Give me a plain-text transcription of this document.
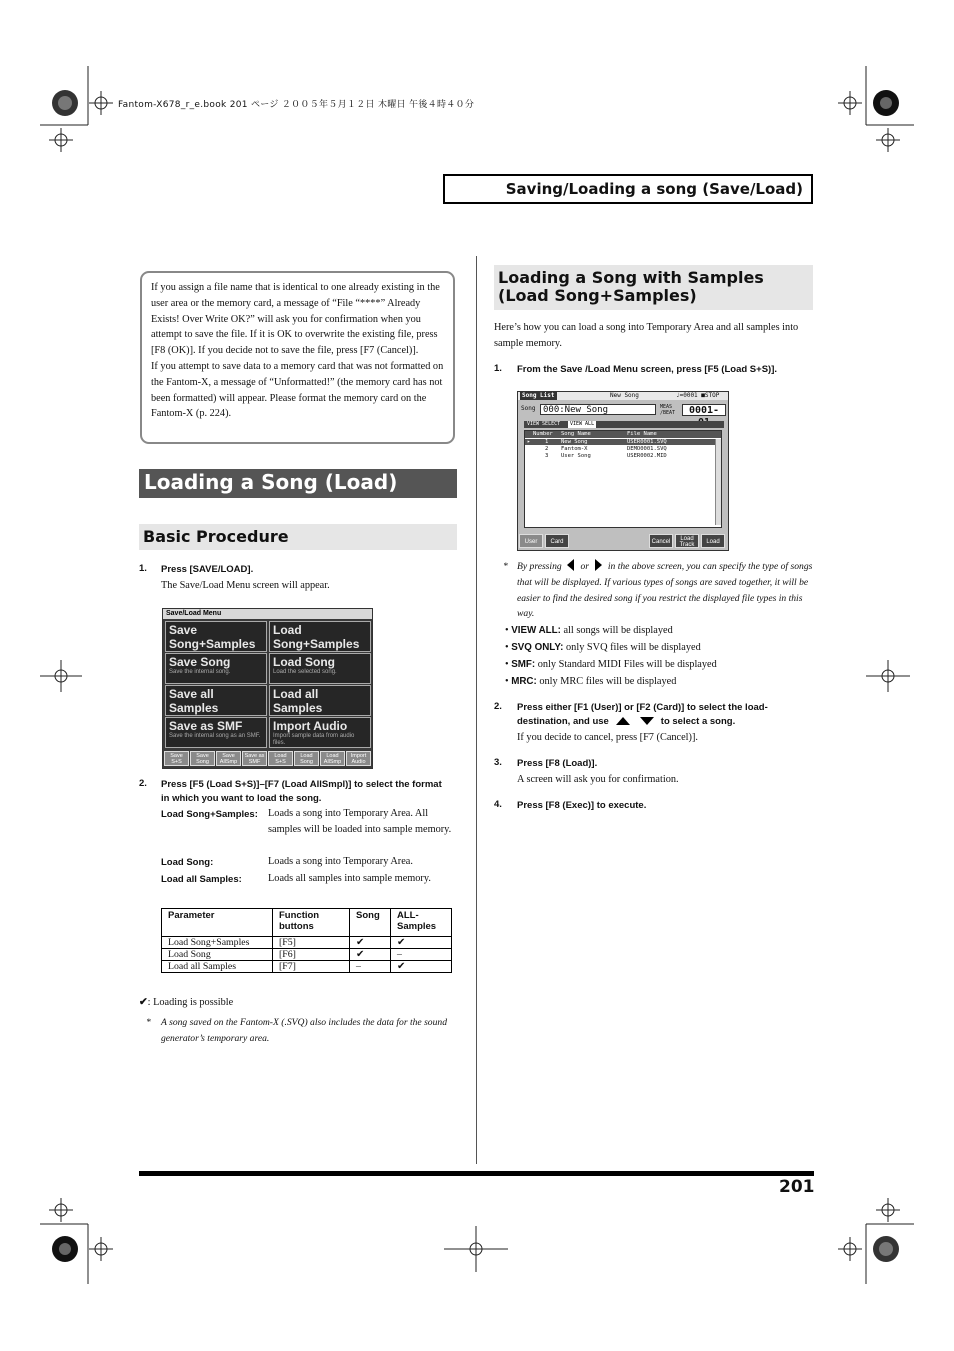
Fantom-X678_r_e.book 201 ページ ２００５年５月１２日 木曜日 午後４時４０分
Saving/Loading a song (Save/Load)

If you assign a file name that is identical to one already existing in the user area or the memory card, a message of “File “****” Already Exists! Over Write OK?” will ask you for confirmation when you attempt to save the file. If it is OK to overwrite the existing file, press [F8 (OK)]. If you decide not to save the file, press [F7 (Cancel)].

If you attempt to save data to a memory card that was not formatted on the Fantom-X, a message of “Unformatted!” (the memory card has not been formatted) will appear. Please format the memory card on the Fantom-X (p. 224).

Loading a Song (Load)
Basic Procedure
1. Press [SAVE/LOAD].
The Save/Load Menu screen will appear.
Save/Load Menu
Save Song+Samples
Load Song+Samples
Save Song
Save the internal song.
Load Song
Load the selected song.
Save all Samples
Load all Samples
Save as SMF
Save the internal song as an SMF.
Import Audio
Import sample data from audio files.
Save S+S
Save Song
Save AllSmp
Save as SMF
Load S+S
Load Song
Load AllSmp
Import Audio
2. Press [F5 (Load S+S)]–[F7 (Load AllSmpl)] to select the format in which you want to load the song.
Load Song+Samples: Loads a song into Temporary Area. All samples will be loaded into sample memory.
Load Song:	Loads a song into Temporary Area.
Load all Samples:	Loads all samples into sample memory.
Parameter	Function buttons	Song	ALL-Samples
Load Song+Samples	[F5]	✔	✔
Load Song	[F6]	✔	–
Load all Samples	[F7]	–	✔
✔: Loading is possible
* A song saved on the Fantom-X (.SVQ) also includes the data for the sound generator’s temporary area.
Loading a Song with Samples (Load Song+Samples)
Here’s how you can load a song into Temporary Area and all samples into sample memory.
1. From the Save /Load Menu screen, press [F5 (Load S+S)].
Song List	New Song	♩=0001 ■STOP
Song 000:New Song	MEAS /BEAT	0001-
VIEW SELECT	VIEW ALL
Number Song Name	File Name
▸	1 New Song	USER0001.SVQ
2 Fantom-X	DEMO0001.SVQ
3 User Song	USER0002.MID
User	Card	Cancel	Load Track	Load
* By pressing or in the above screen, you can specify the type of songs that will be displayed. If various types of songs are saved together, it will be easier to find the desired song if you restrict the displayed file types in this way.
• VIEW ALL: all songs will be displayed
• SVQ ONLY: only SVQ files will be displayed
• SMF: only Standard MIDI Files will be displayed
• MRC: only MRC files will be displayed
2. Press either [F1 (User)] or [F2 (Card)] to select the load-destination, and use	to select a song.
If you decide to cancel, press [F7 (Cancel)].
3. Press [F8 (Load)].
A screen will ask you for confirmation.
4. Press [F8 (Exec)] to execute.
201
